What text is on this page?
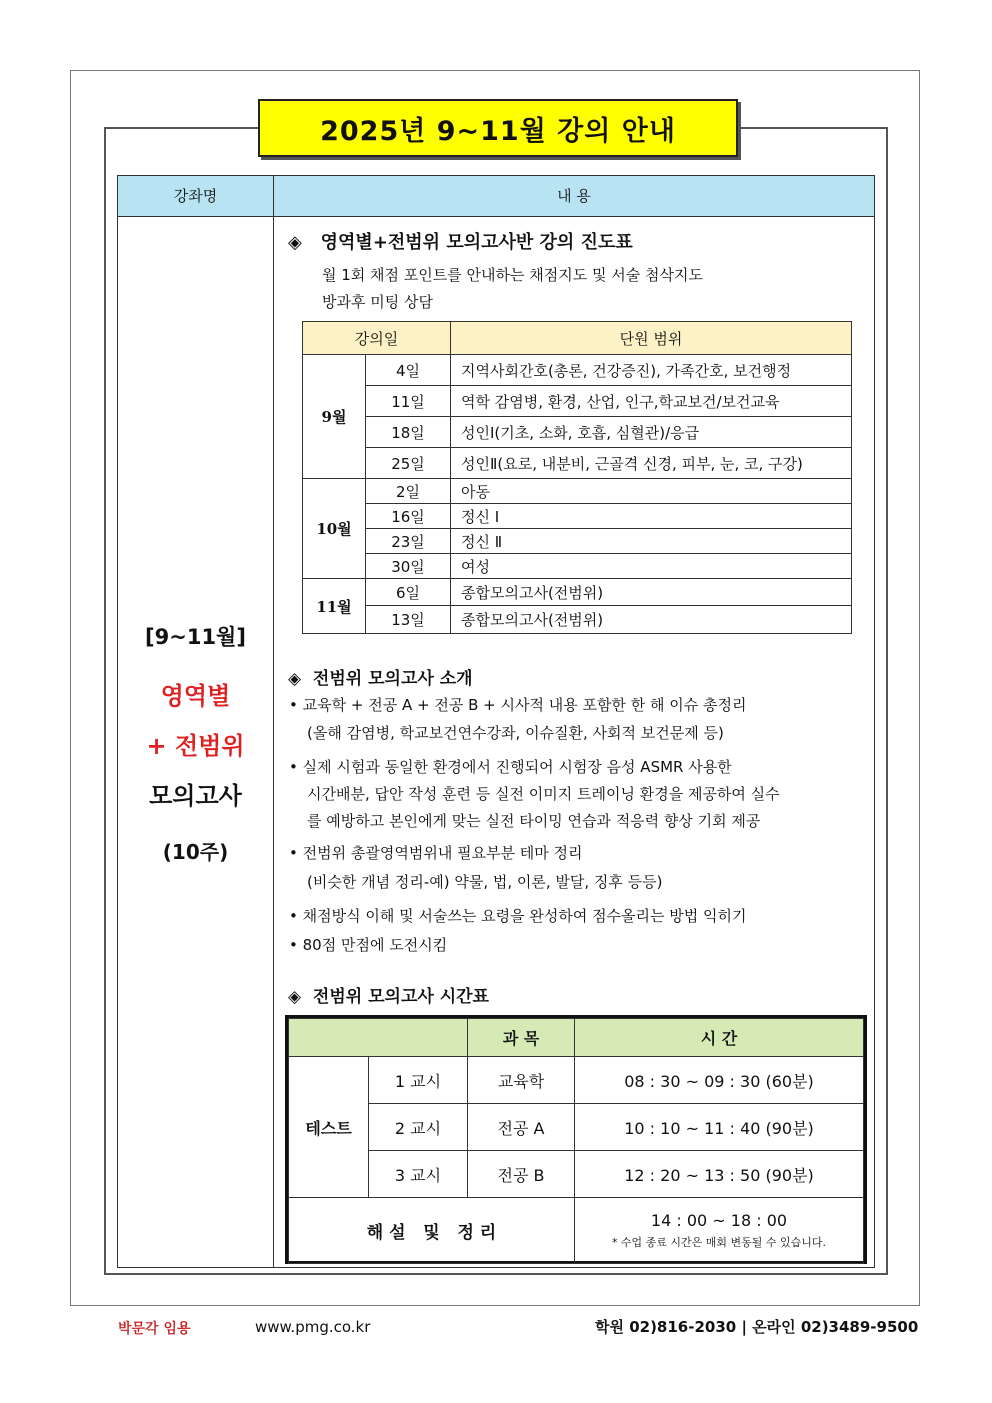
2025년 9~11월 강의 안내
강좌명	내 용
[9~11월]
영역별
+ 전범위
모의고사
(10주)
◈ 영역별+전범위 모의고사반 강의 진도표
월 1회 채점 포인트를 안내하는 채점지도 및 서술 첨삭지도
방과후 미팅 상담
강의일		단원 범위
9월	4일	지역사회간호(총론, 건강증진), 가족간호, 보건행정
	11일	역학 감염병, 환경, 산업, 인구,학교보건/보건교육
	18일	성인Ⅰ(기초, 소화, 호흡, 심혈관)/응급
	25일	성인Ⅱ(요로, 내분비, 근골격 신경, 피부, 눈, 코, 구강)
10월	2일	아동
	16일	정신 Ⅰ
	23일	정신 Ⅱ
	30일	여성
11월	6일	종합모의고사(전범위)
	13일	종합모의고사(전범위)
◈ 전범위 모의고사 소개
• 교육학 + 전공 A + 전공 B + 시사적 내용 포함한 한 해 이슈 총정리
(올해 감염병, 학교보건연수강좌, 이슈질환, 사회적 보건문제 등)
• 실제 시험과 동일한 환경에서 진행되어 시험장 음성 ASMR 사용한
시간배분, 답안 작성 훈련 등 실전 이미지 트레이닝 환경을 제공하여 실수
를 예방하고 본인에게 맞는 실전 타이밍 연습과 적응력 향상 기회 제공
• 전범위 총괄영역범위내 필요부분 테마 정리
(비슷한 개념 정리-예) 약물, 법, 이론, 발달, 징후 등등)
• 채점방식 이해 및 서술쓰는 요령을 완성하여 점수올리는 방법 익히기
• 80점 만점에 도전시킴
◈ 전범위 모의고사 시간표
		과 목	시 간
테스트	1 교시	교육학	08 : 30 ~ 09 : 30 (60분)
	2 교시	전공 A	10 : 10 ~ 11 : 40 (90분)
	3 교시	전공 B	12 : 20 ~ 13 : 50 (90분)
해 설   및   정 리			14 : 00 ~ 18 : 00
* 수업 종료 시간은 매회 변동될 수 있습니다.
박문각 임용	www.pmg.co.kr	학원 02)816-2030 | 온라인 02)3489-9500
